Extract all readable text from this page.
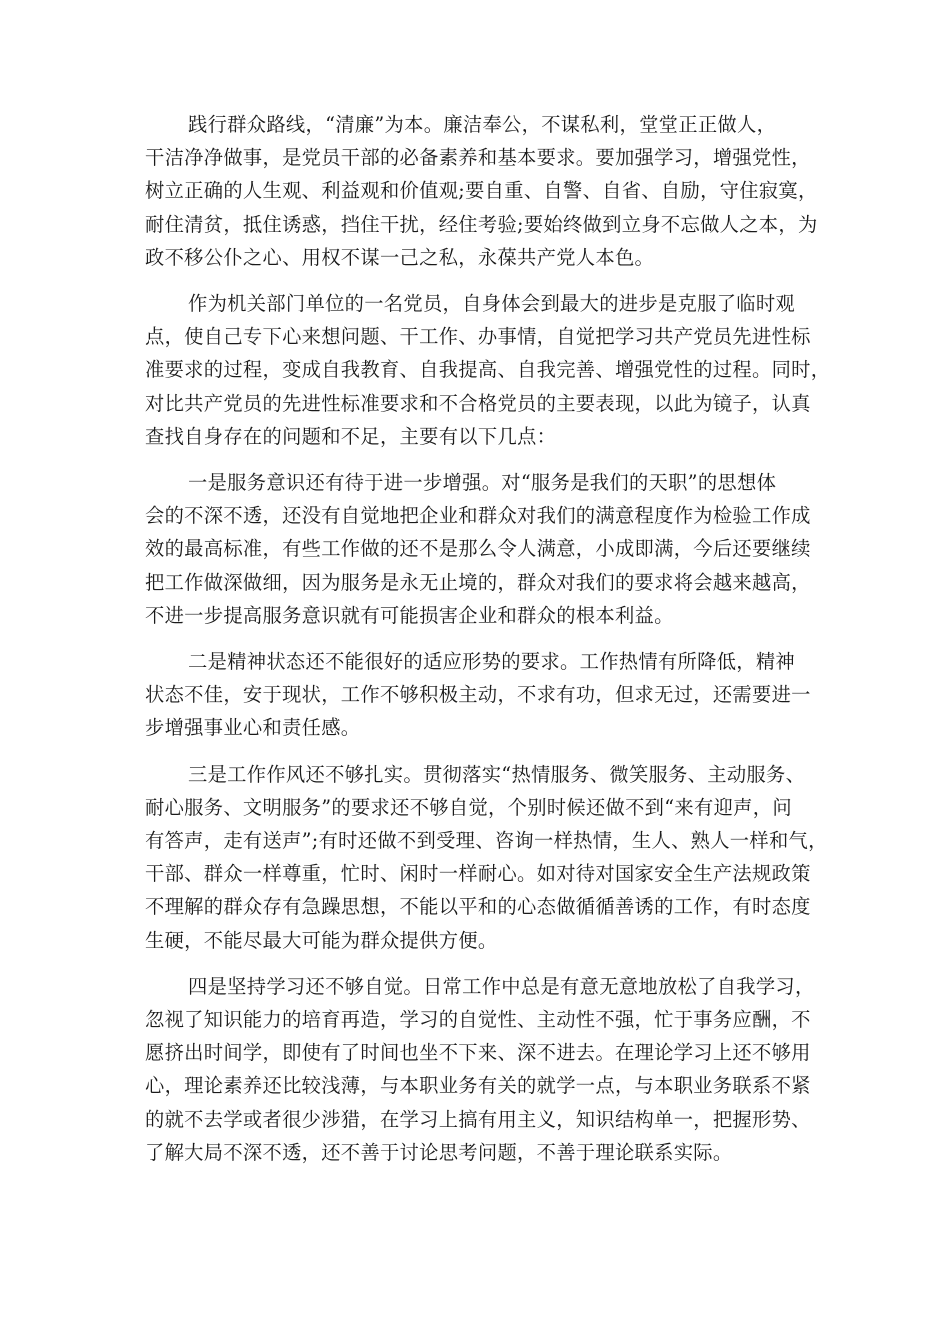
践行群众路线，“清廉”为本。廉洁奉公，不谋私利，堂堂正正做人，
干洁净净做事，是党员干部的必备素养和基本要求。要加强学习，增强党性，
树立正确的人生观、利益观和价值观;要自重、自警、自省、自励，守住寂寞，
耐住清贫，抵住诱惑，挡住干扰，经住考验;要始终做到立身不忘做人之本，为
政不移公仆之心、用权不谋一己之私，永葆共产党人本色。
作为机关部门单位的一名党员，自身体会到最大的进步是克服了临时观
点，使自己专下心来想问题、干工作、办事情，自觉把学习共产党员先进性标
准要求的过程，变成自我教育、自我提高、自我完善、增强党性的过程。同时，
对比共产党员的先进性标准要求和不合格党员的主要表现，以此为镜子，认真
查找自身存在的问题和不足，主要有以下几点：
一是服务意识还有待于进一步增强。对“服务是我们的天职”的思想体
会的不深不透，还没有自觉地把企业和群众对我们的满意程度作为检验工作成
效的最高标准，有些工作做的还不是那么令人满意，小成即满，今后还要继续
把工作做深做细，因为服务是永无止境的，群众对我们的要求将会越来越高，
不进一步提高服务意识就有可能损害企业和群众的根本利益。
二是精神状态还不能很好的适应形势的要求。工作热情有所降低，精神
状态不佳，安于现状，工作不够积极主动，不求有功，但求无过，还需要进一
步增强事业心和责任感。
三是工作作风还不够扎实。贯彻落实“热情服务、微笑服务、主动服务、
耐心服务、文明服务”的要求还不够自觉，个别时候还做不到“来有迎声，问
有答声，走有送声”;有时还做不到受理、咨询一样热情，生人、熟人一样和气，
干部、群众一样尊重，忙时、闲时一样耐心。如对待对国家安全生产法规政策
不理解的群众存有急躁思想，不能以平和的心态做循循善诱的工作，有时态度
生硬，不能尽最大可能为群众提供方便。
四是坚持学习还不够自觉。日常工作中总是有意无意地放松了自我学习，
忽视了知识能力的培育再造，学习的自觉性、主动性不强，忙于事务应酬，不
愿挤出时间学，即使有了时间也坐不下来、深不进去。在理论学习上还不够用
心，理论素养还比较浅薄，与本职业务有关的就学一点，与本职业务联系不紧
的就不去学或者很少涉猎，在学习上搞有用主义，知识结构单一，把握形势、
了解大局不深不透，还不善于讨论思考问题，不善于理论联系实际。
